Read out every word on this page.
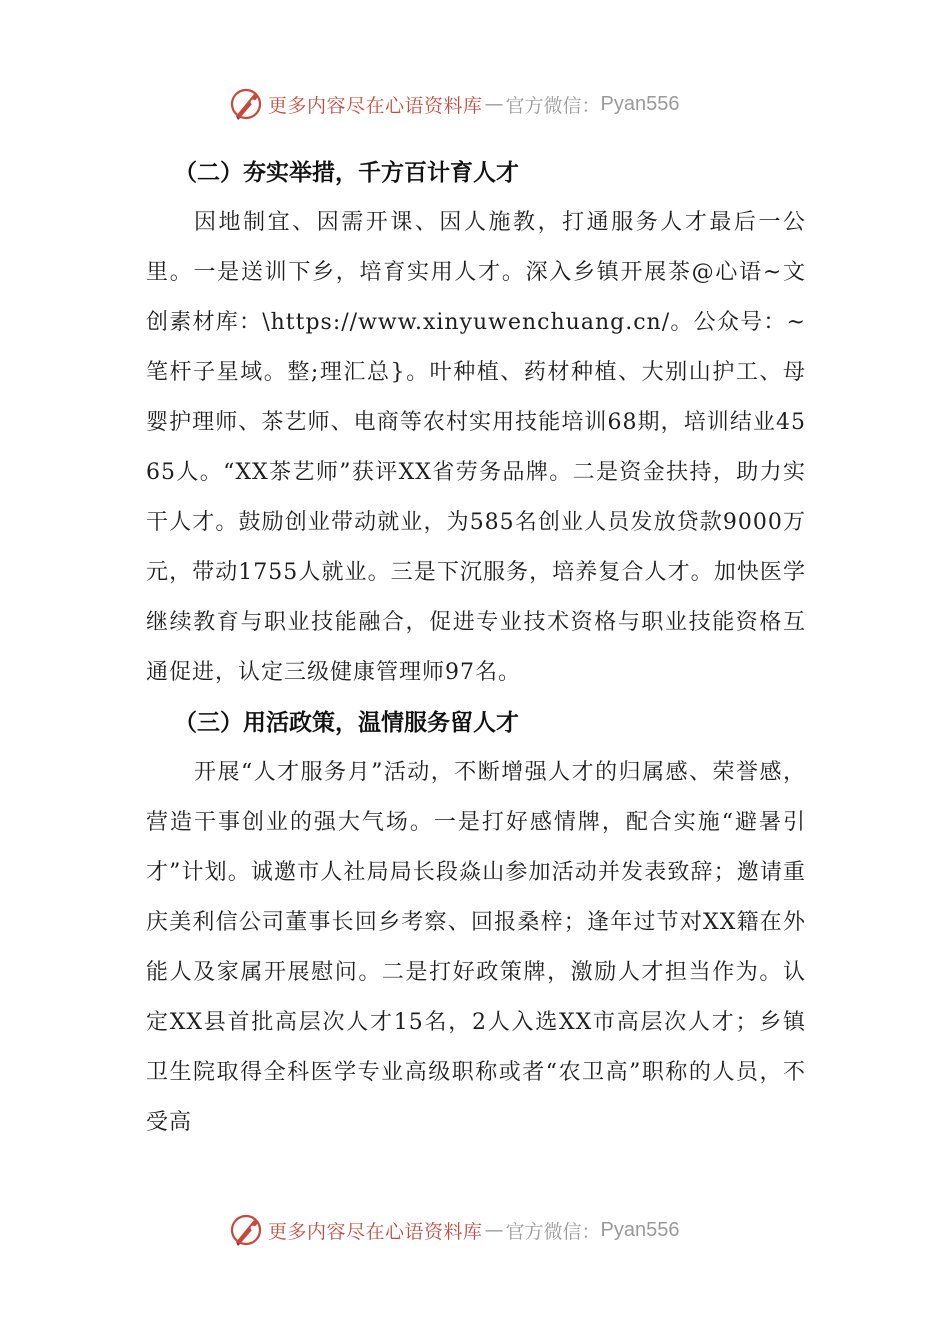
更多内容尽在心语资料库 — 官方微信： Pyan556
（二）夯实举措，千方百计育人才

因地制宜、因需开课、因人施教，打通服务人才最后一公里。一是送训下乡，培育实用人才。深入乡镇开展茶@心语~文创素材库：\https://www.xinyuwenchuang.cn/。公众号：~笔杆子星域。整;理汇总}。叶种植、药材种植、大别山护工、母婴护理师、茶艺师、电商等农村实用技能培训68期，培训结业4565人。“XX茶艺师”获评XX省劳务品牌。二是资金扶持，助力实干人才。鼓励创业带动就业，为585名创业人员发放贷款9000万元，带动1755人就业。三是下沉服务，培养复合人才。加快医学继续教育与职业技能融合，促进专业技术资格与职业技能资格互通促进，认定三级健康管理师97名。

（三）用活政策，温情服务留人才

开展“人才服务月”活动，不断增强人才的归属感、荣誉感，营造干事创业的强大气场。一是打好感情牌，配合实施“避暑引才”计划。诚邀市人社局局长段焱山参加活动并发表致辞；邀请重庆美利信公司董事长回乡考察、回报桑梓；逢年过节对XX籍在外能人及家属开展慰问。二是打好政策牌，激励人才担当作为。认定XX县首批高层次人才15名，2人入选XX市高层次人才；乡镇卫生院取得全科医学专业高级职称或者“农卫高”职称的人员，不受高

更多内容尽在心语资料库 — 官方微信： Pyan556
